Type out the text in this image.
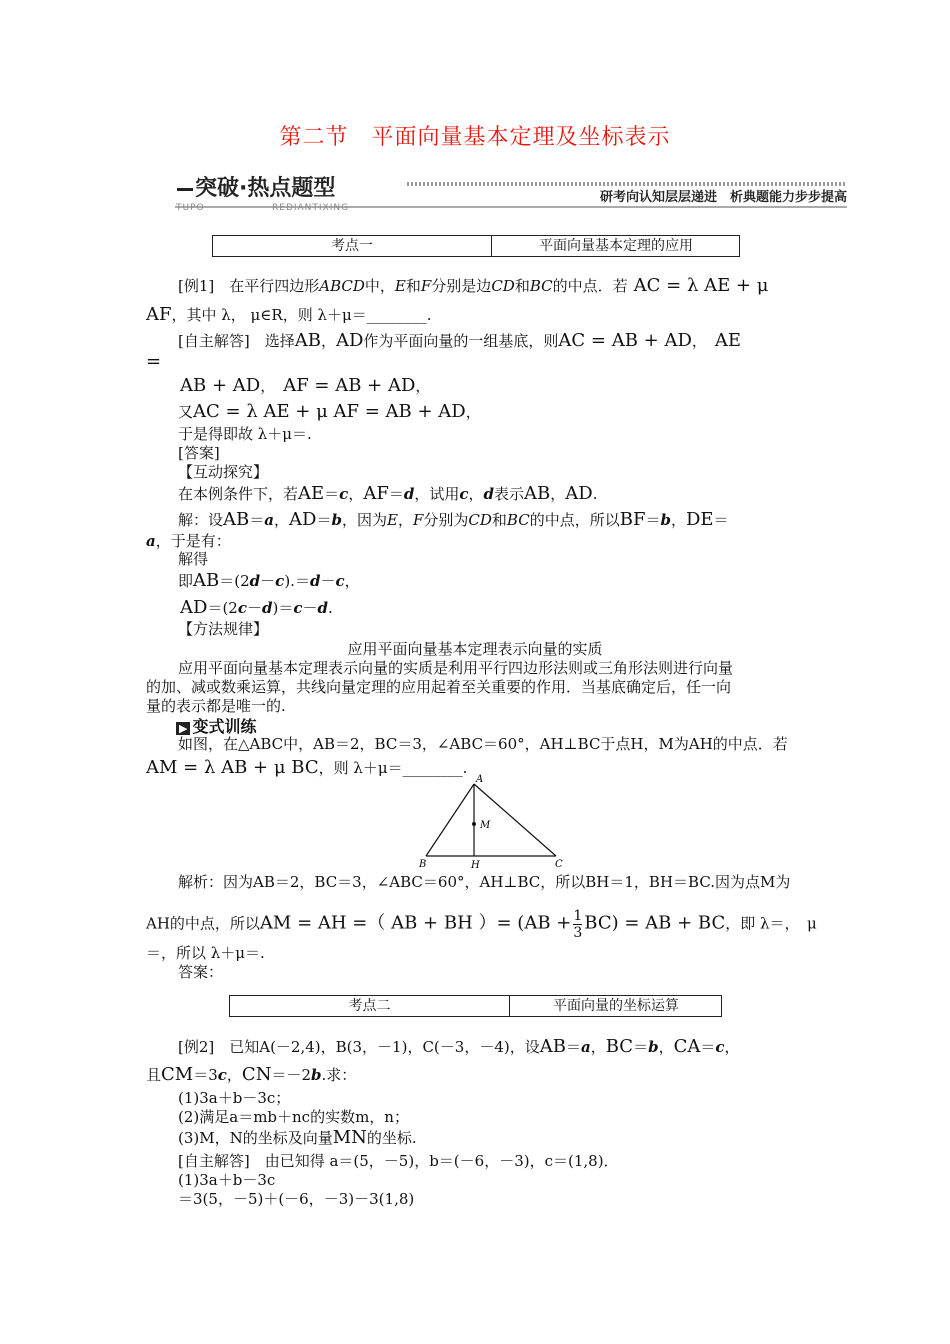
第二节　平面向量基本定理及坐标表示
突破·热点题型
TUPO	REDIANTIXING
研考向认知层层递进　析典题能力步步提高
考点一	平面向量基本定理的应用
[例1]　在平行四边形ABCD中，E和F分别是边CD和BC的中点．若 AC = λ AE + μ
AF，其中 λ， μ∈R，则 λ＋μ＝________.
[自主解答]　选择AB，AD作为平面向量的一组基底，则AC = AB + AD， AE
=
AB + AD， AF = AB + AD，
又AC = λ AE + μ AF = AB + AD，
于是得即故 λ＋μ＝.
[答案]
【互动探究】
在本例条件下，若AE＝c，AF＝d，试用c，d表示AB，AD.
解：设AB＝a，AD＝b，因为E，F分别为CD和BC的中点，所以BF＝b，DE＝
a，于是有：
解得
即AB＝(2d－c).＝d－c，
AD＝(2c－d)＝c－d.
【方法规律】
应用平面向量基本定理表示向量的实质
应用平面向量基本定理表示向量的实质是利用平行四边形法则或三角形法则进行向量
的加、减或数乘运算，共线向量定理的应用起着至关重要的作用．当基底确定后，任一向
量的表示都是唯一的.
▶ 变式训练
如图，在△ABC中，AB＝2，BC＝3，∠ABC＝60°，AH⊥BC于点H，M为AH的中点．若
AM = λ AB + μ BC，则 λ＋μ＝________.
A
B	C
H
M
解析：因为AB＝2，BC＝3，∠ABC＝60°，AH⊥BC，所以BH＝1，BH＝BC.因为点M为
AH的中点，所以AM = AH =（ AB + BH ）= $(AB + \frac{1}{3} BC)$ = AB + BC，即 λ＝，　μ
＝，所以 λ＋μ＝.
答案：
考点二	平面向量的坐标运算
[例2]　已知A(－2,4)，B(3，－1)，C(－3，－4)，设AB＝a，BC＝b，CA＝c，
且CM＝3c，CN＝－2b.求：
(1)3a＋b－3c；
(2)满足a＝mb＋nc的实数m，n；
(3)M，N的坐标及向量MN的坐标.
[自主解答]　由已知得 a＝(5，－5)，b＝(－6，－3)，c＝(1,8)．
(1)3a＋b－3c
＝3(5，－5)＋(－6，－3)－3(1,8)
